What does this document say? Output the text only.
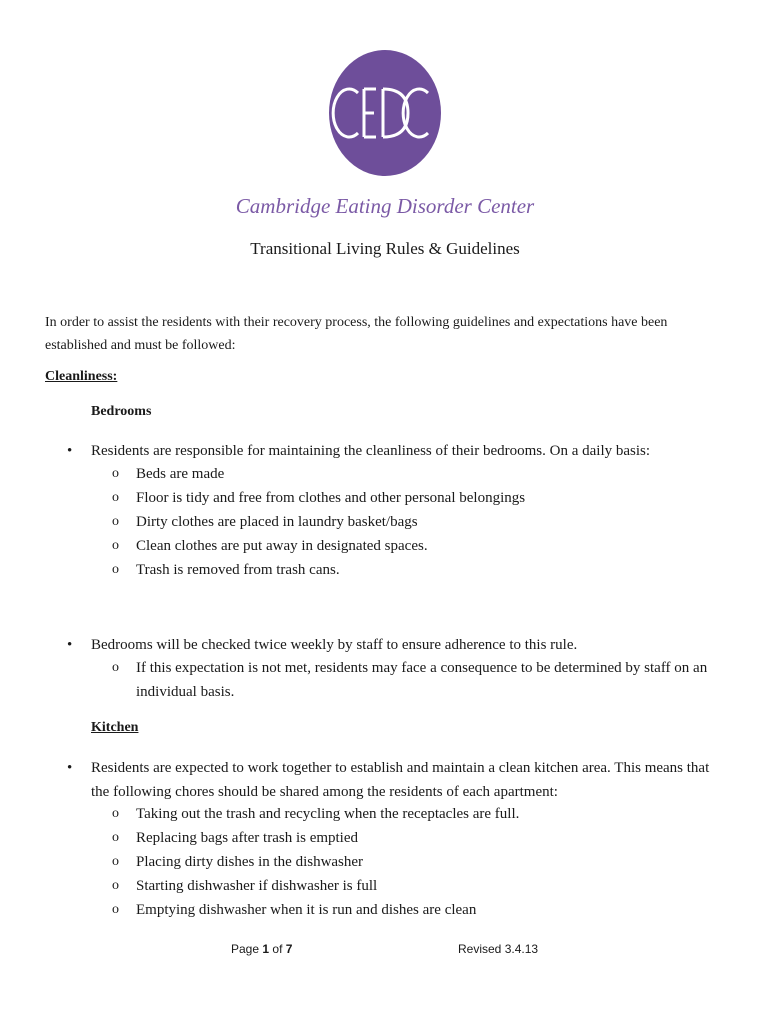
Cambridge Eating Disorder Center
Transitional Living Rules & Guidelines
In order to assist the residents with their recovery process, the following guidelines and expectations have been established and must be followed:
Cleanliness:
Bedrooms
• Residents are responsible for maintaining the cleanliness of their bedrooms. On a daily basis:
o Beds are made
o Floor is tidy and free from clothes and other personal belongings
o Dirty clothes are placed in laundry basket/bags
o Clean clothes are put away in designated spaces.
o Trash is removed from trash cans.
• Bedrooms will be checked twice weekly by staff to ensure adherence to this rule.
o If this expectation is not met, residents may face a consequence to be determined by staff on an individual basis.
Kitchen
• Residents are expected to work together to establish and maintain a clean kitchen area. This means that the following chores should be shared among the residents of each apartment:
o Taking out the trash and recycling when the receptacles are full.
o Replacing bags after trash is emptied
o Placing dirty dishes in the dishwasher
o Starting dishwasher if dishwasher is full
o Emptying dishwasher when it is run and dishes are clean
Page 1 of 7	Revised 3.4.13
